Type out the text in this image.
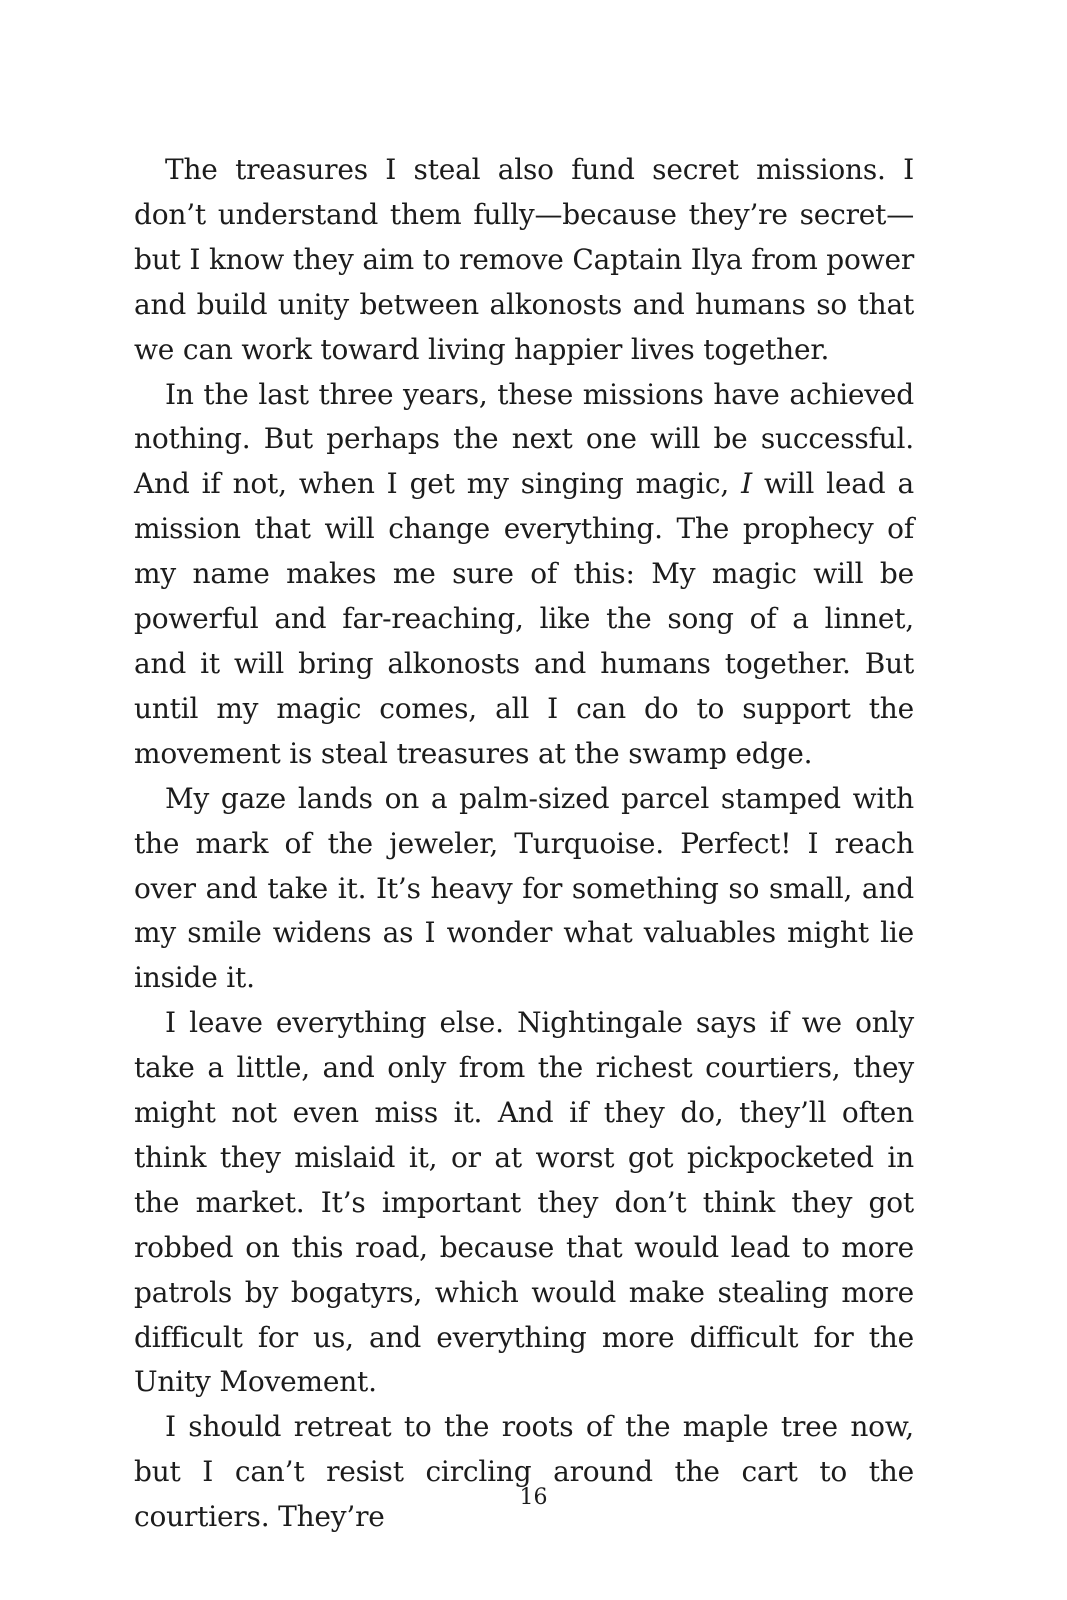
The treasures I steal also fund secret missions. I don’t understand them fully—because they’re secret—but I know they aim to remove Captain Ilya from power and build unity between alkonosts and humans so that we can work toward living happier lives together.

In the last three years, these missions have achieved nothing. But perhaps the next one will be successful. And if not, when I get my singing magic, I will lead a mission that will change everything. The prophecy of my name makes me sure of this: My magic will be powerful and far-reaching, like the song of a linnet, and it will bring alkonosts and humans together. But until my magic comes, all I can do to support the movement is steal treasures at the swamp edge.

My gaze lands on a palm-sized parcel stamped with the mark of the jeweler, Turquoise. Perfect! I reach over and take it. It’s heavy for something so small, and my smile widens as I wonder what valuables might lie inside it.

I leave everything else. Nightingale says if we only take a little, and only from the richest courtiers, they might not even miss it. And if they do, they’ll often think they mislaid it, or at worst got pickpocketed in the market. It’s important they don’t think they got robbed on this road, because that would lead to more patrols by bogatyrs, which would make stealing more difficult for us, and everything more difficult for the Unity Movement.

I should retreat to the roots of the maple tree now, but I can’t resist circling around the cart to the courtiers. They’re

16
